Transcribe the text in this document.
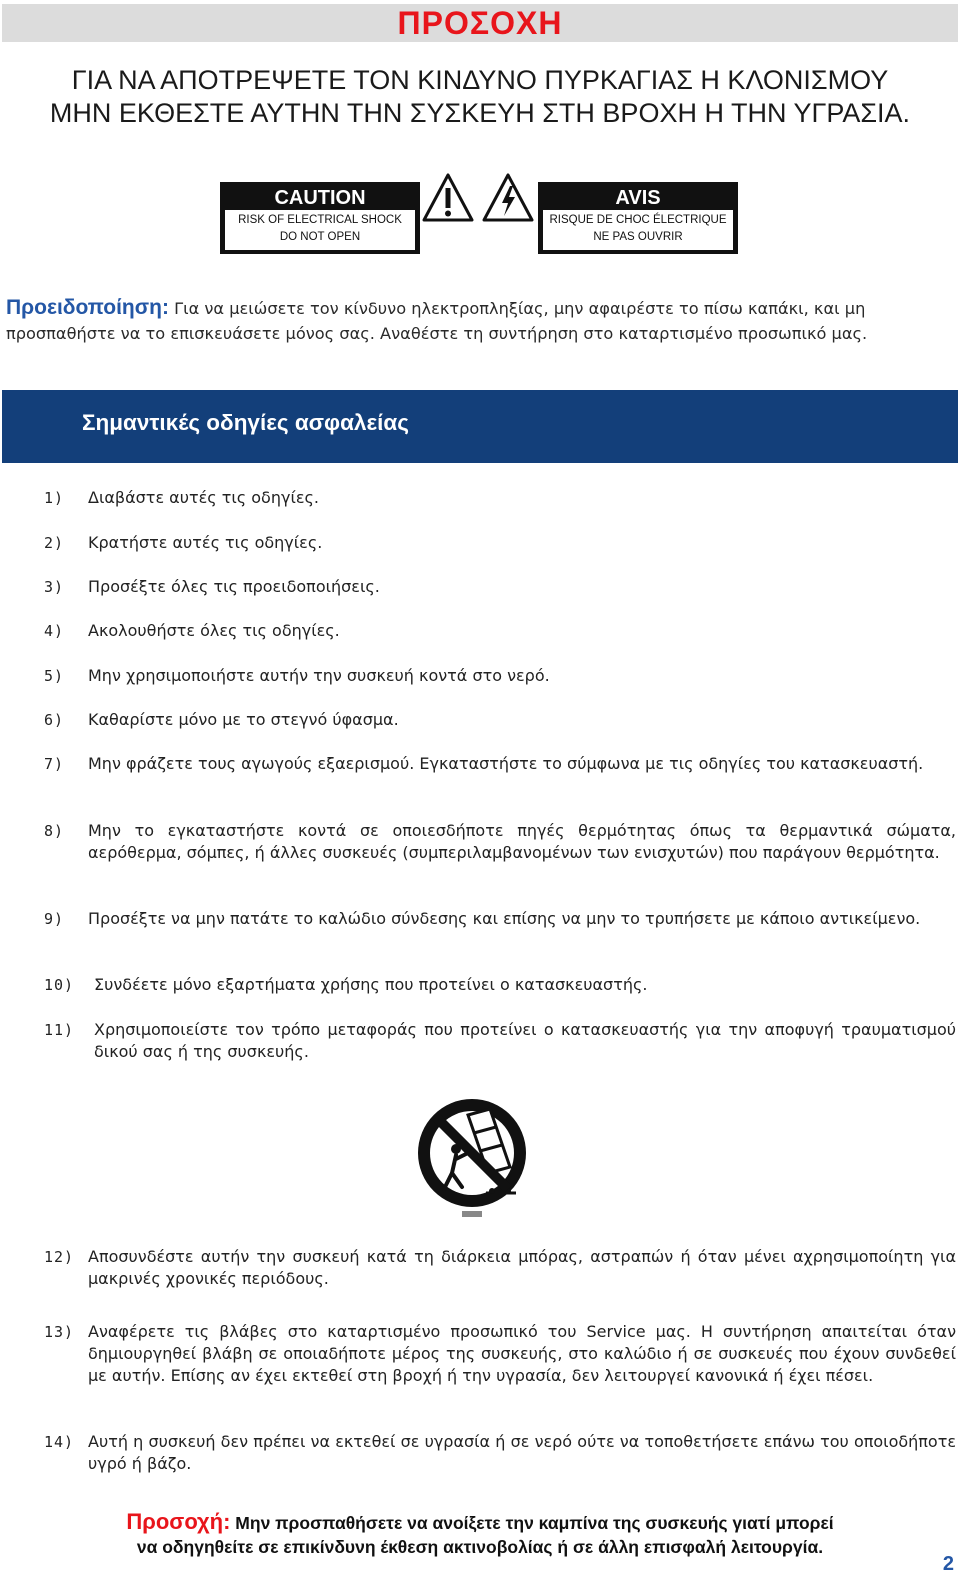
ΠΡΟΣΟΧΗ
ΓΙΑ ΝΑ ΑΠΟΤΡΕΨΕΤΕ ΤΟΝ ΚΙΝΔΥΝΟ ΠΥΡΚΑΓΙΑΣ Η ΚΛΟΝΙΣΜΟΥ
ΜΗΝ ΕΚΘΕΣΤΕ ΑΥΤΗΝ ΤΗΝ ΣΥΣΚΕΥΗ ΣΤΗ ΒΡΟΧΗ Η ΤΗΝ ΥΓΡΑΣΙΑ.
CAUTION
RISK OF ELECTRICAL SHOCK
DO NOT OPEN
AVIS
RISQUE DE CHOC ÉLECTRIQUE
NE PAS OUVRIR
Προειδοποίηση: Για να μειώσετε τον κίνδυνο ηλεκτροπληξίας, μην αφαιρέστε το πίσω καπάκι, και μη προσπαθήστε να το επισκευάσετε μόνος σας. Αναθέστε τη συντήρηση στο καταρτισμένο προσωπικό μας.
Σημαντικές οδηγίες ασφαλείας
1) Διαβάστε αυτές τις οδηγίες.
2) Κρατήστε αυτές τις οδηγίες.
3) Προσέξτε όλες τις προειδοποιήσεις.
4) Ακολουθήστε όλες τις οδηγίες.
5) Μην χρησιμοποιήστε αυτήν την συσκευή κοντά στο νερό.
6) Καθαρίστε μόνο με το στεγνό ύφασμα.
7) Μην φράζετε τους αγωγούς εξαερισμού. Εγκαταστήστε το σύμφωνα με τις οδηγίες του κατασκευαστή.
8) Μην το εγκαταστήστε κοντά σε οποιεσδήποτε πηγές θερμότητας όπως τα θερμαντικά σώματα, αερόθερμα, σόμπες, ή άλλες συσκευές (συμπεριλαμβανομένων των ενισχυτών) που παράγουν θερμότητα.
9) Προσέξτε να μην πατάτε το καλώδιο σύνδεσης και επίσης να μην το τρυπήσετε με κάποιο αντικείμενο.
10) Συνδέετε μόνο εξαρτήματα χρήσης που προτείνει ο κατασκευαστής.
11) Χρησιμοποιείστε τον τρόπο μεταφοράς που προτείνει ο κατασκευαστής για την αποφυγή τραυματισμού δικού σας ή της συσκευής.
12) Αποσυνδέστε αυτήν την συσκευή κατά τη διάρκεια μπόρας, αστραπών ή όταν μένει αχρησιμοποίητη για μακρινές χρονικές περιόδους.
13) Αναφέρετε τις βλάβες στο καταρτισμένο προσωπικό του Service μας. Η συντήρηση απαιτείται όταν δημιουργηθεί βλάβη σε οποιαδήποτε μέρος της συσκευής, στο καλώδιο ή σε συσκευές που έχουν συνδεθεί με αυτήν. Επίσης αν έχει εκτεθεί στη βροχή ή την υγρασία, δεν λειτουργεί κανονικά ή έχει πέσει.
14) Αυτή η συσκευή δεν πρέπει να εκτεθεί σε υγρασία ή σε νερό ούτε να τοποθετήσετε επάνω του οποιοδήποτε υγρό ή βάζο.
Προσοχή: Μην προσπαθήσετε να ανοίξετε την καμπίνα της συσκευής γιατί μπορεί
να οδηγηθείτε σε επικίνδυνη έκθεση ακτινοβολίας ή σε άλλη επισφαλή λειτουργία.
2
